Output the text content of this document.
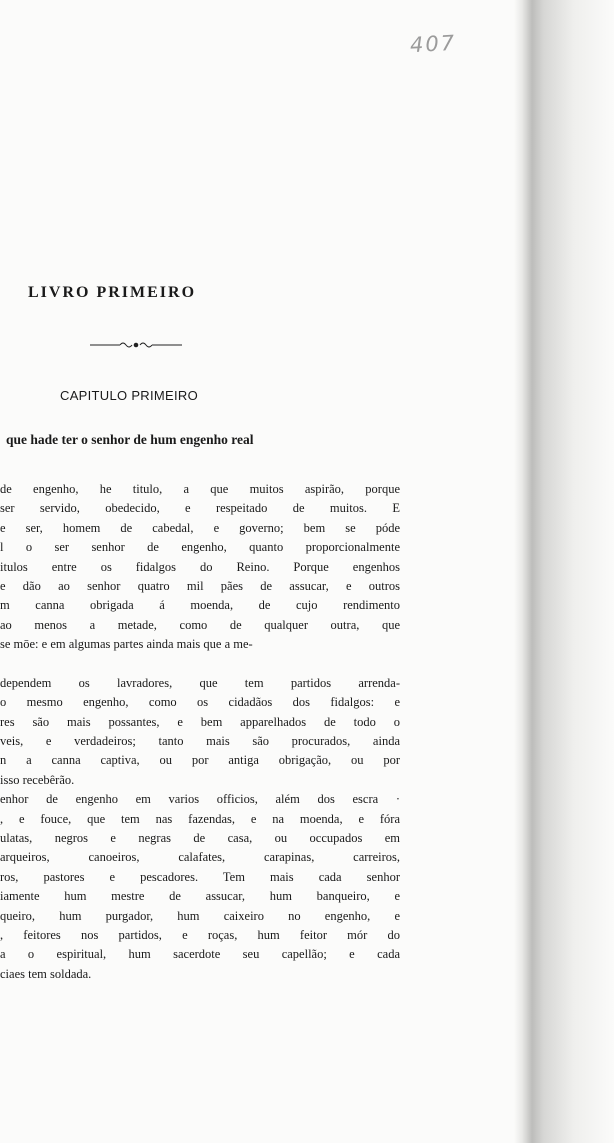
407
LIVRO PRIMEIRO
CAPITULO PRIMEIRO
que hade ter o senhor de hum engenho real
de engenho, he titulo, a que muitos aspirão, porque
ser servido, obedecido, e respeitado de muitos. E
e ser, homem de cabedal, e governo; bem se póde
l o ser senhor de engenho, quanto proporcionalmente
itulos entre os fidalgos do Reino. Porque engenhos
e dão ao senhor quatro mil pães de assucar, e outros
m canna obrigada á moenda, de cujo rendimento
ao menos a metade, como de qualquer outra, que
se mōe: e em algumas partes ainda mais que a me-
dependem os lavradores, que tem partidos arrenda-
o mesmo engenho, como os cidadãos dos fidalgos: e
res são mais possantes, e bem apparelhados de todo o
veis, e verdadeiros; tanto mais são procurados, ainda
n a canna captiva, ou por antiga obrigação, ou por
isso recebêrão.
enhor de engenho em varios officios, além dos escra ·
, e fouce, que tem nas fazendas, e na moenda, e fóra
ulatas, negros e negras de casa, ou occupados em
arqueiros, canoeiros, calafates, carapinas, carreiros,
ros, pastores e pescadores. Tem mais cada senhor
iamente hum mestre de assucar, hum banqueiro, e
queiro, hum purgador, hum caixeiro no engenho, e
, feitores nos partidos, e roças, hum feitor mór do
a o espiritual, hum sacerdote seu capellão; e cada
ciaes tem soldada.
